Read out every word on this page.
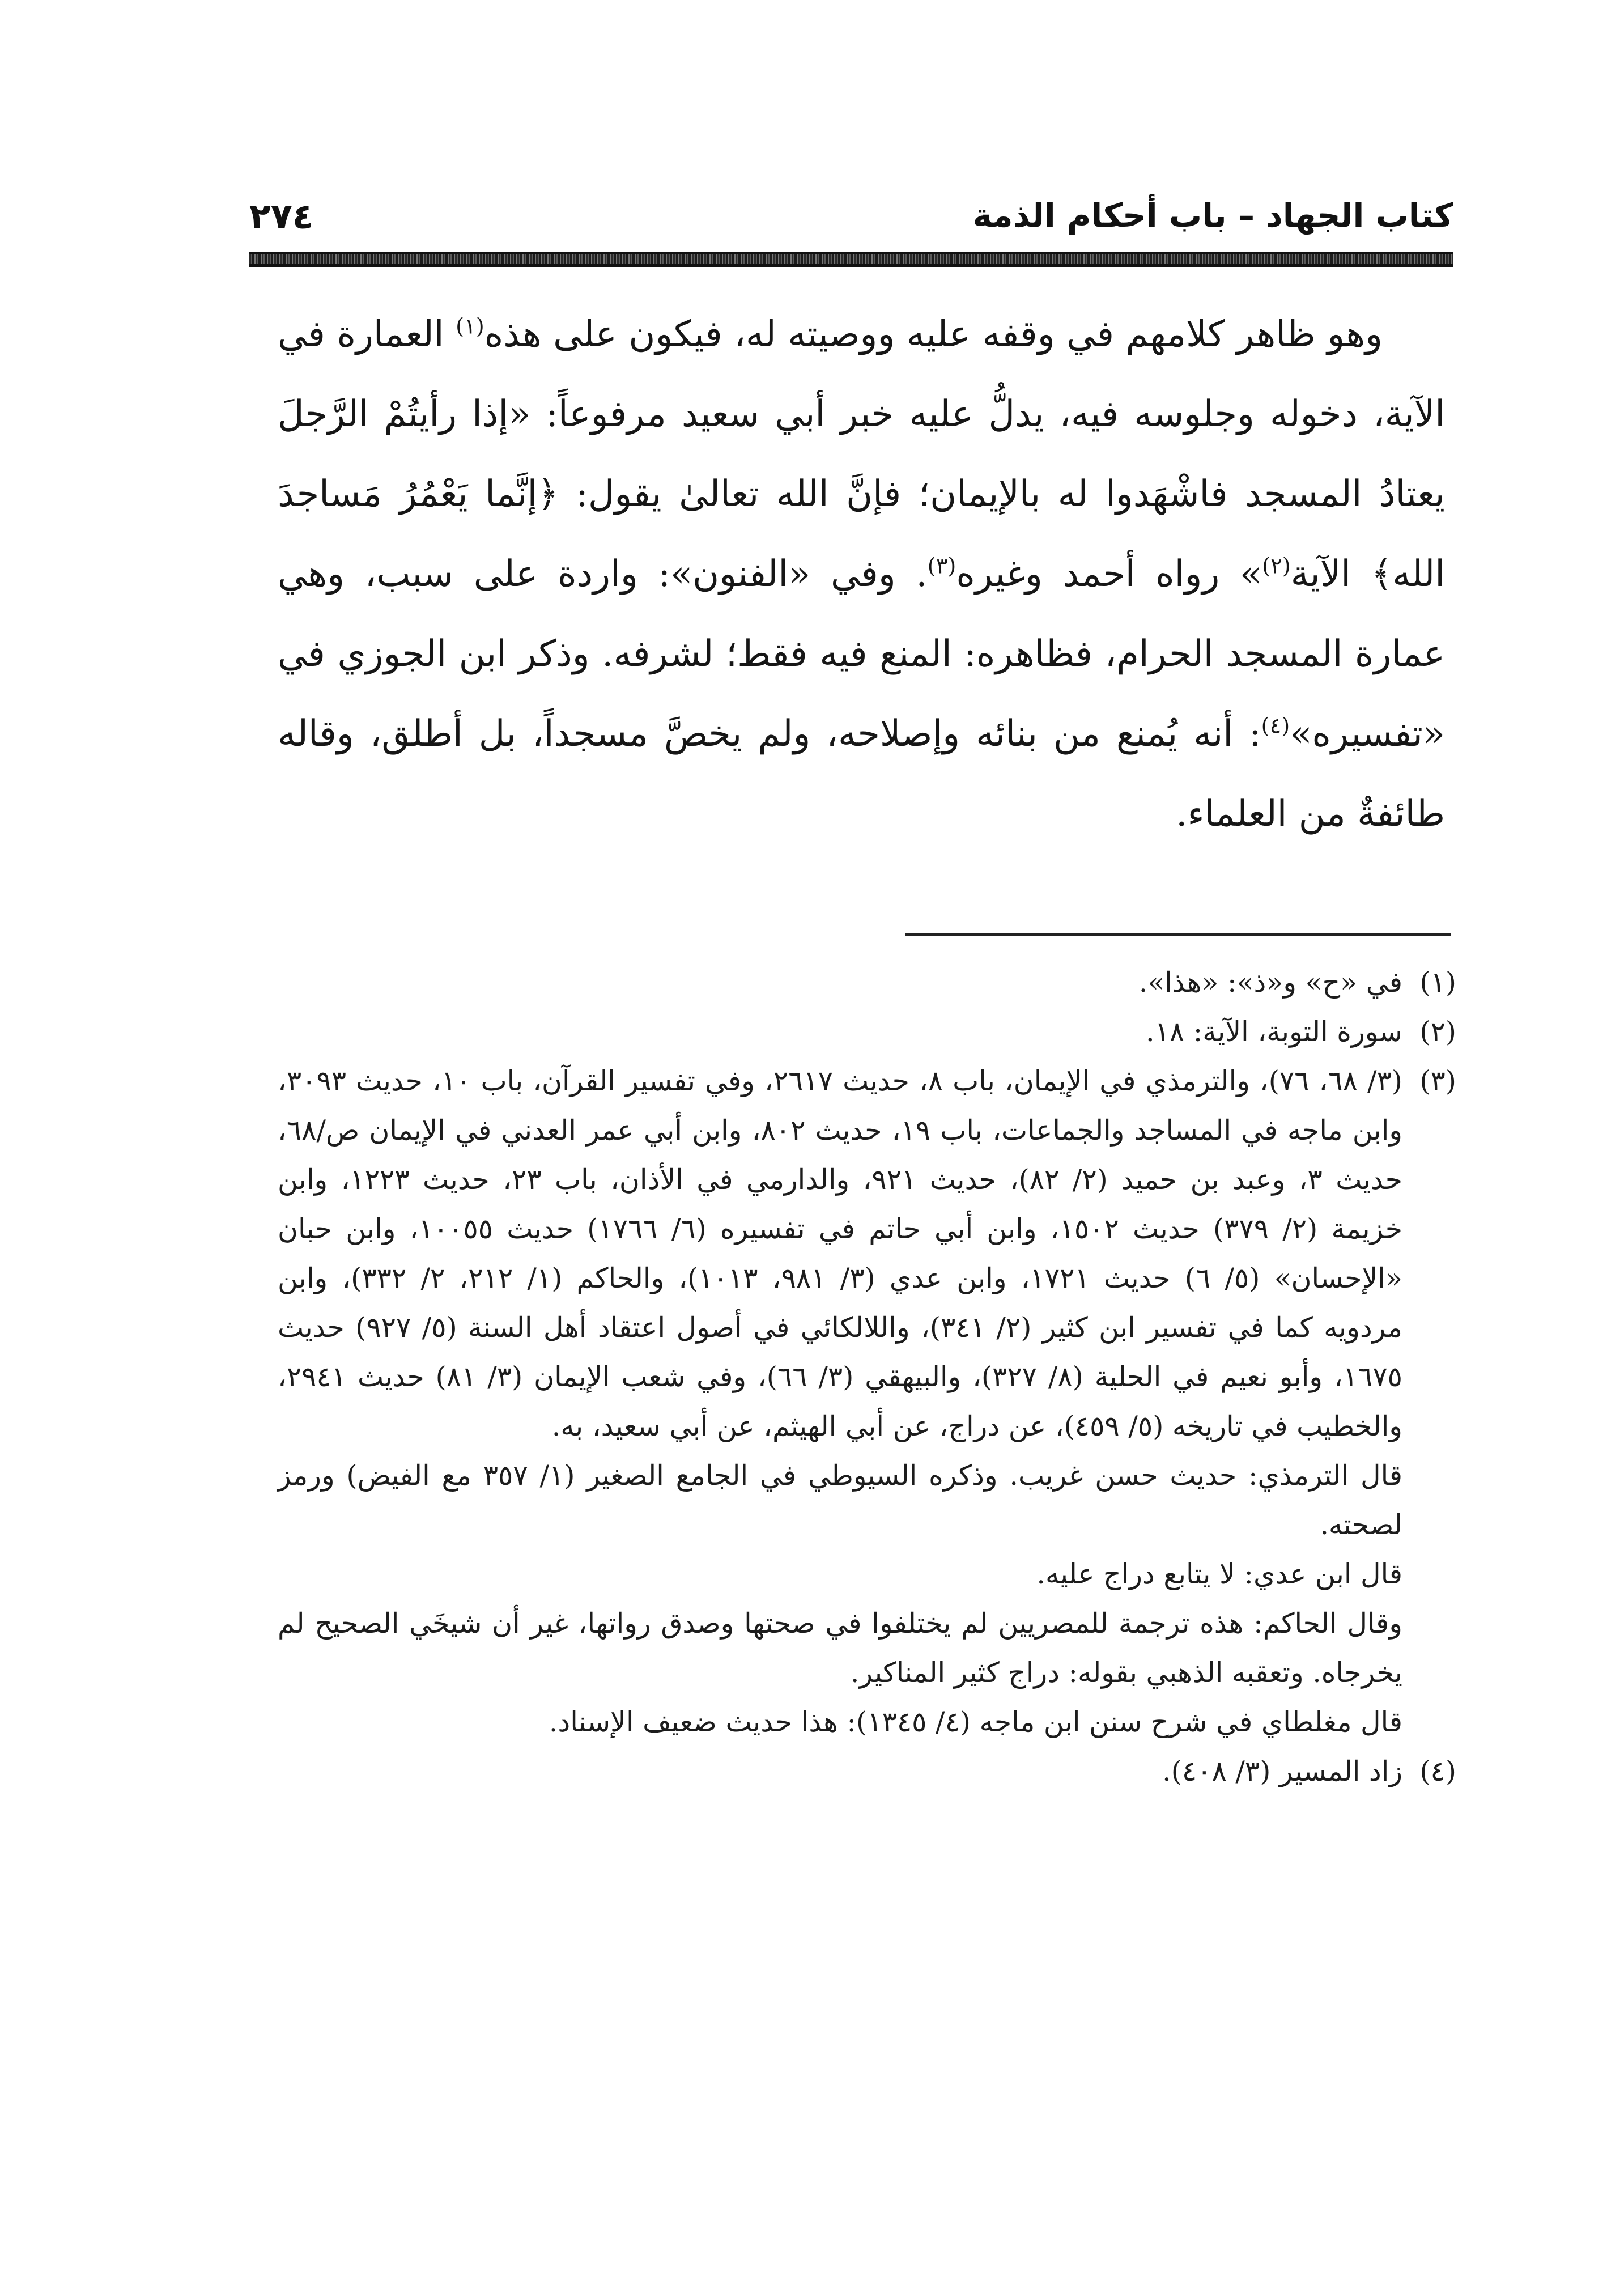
كتاب الجهاد – باب أحكام الذمة
٢٧٤

وهو ظاهر كلامهم في وقفه عليه ووصيته له، فيكون على هذه$^{(١)}$ العمارة في الآية، دخوله وجلوسه فيه، يدلُّ عليه خبر أبي سعيد مرفوعاً: «إذا رأيتُمْ الرَّجلَ يعتادُ المسجد فاشْهَدوا له بالإيمان؛ فإنَّ الله تعالىٰ يقول: ﴿إنَّما يَعْمُرُ مَساجدَ الله﴾ الآية$^{(٢)}$» رواه أحمد وغيره$^{(٣)}$. وفي «الفنون»: واردة على سبب، وهي عمارة المسجد الحرام، فظاهره: المنع فيه فقط؛ لشرفه. وذكر ابن الجوزي في «تفسيره»$^{(٤)}$: أنه يُمنع من بنائه وإصلاحه، ولم يخصَّ مسجداً، بل أطلق، وقاله طائفةٌ من العلماء.

(١)

في «ح» و«ذ»: «هذا».

(٢)

سورة التوبة، الآية: ١٨.

(٣)

(٣/ ٦٨، ٧٦)، والترمذي في الإيمان، باب ٨، حديث ٢٦١٧، وفي تفسير القرآن، باب ١٠، حديث ٣٠٩٣، وابن ماجه في المساجد والجماعات، باب ١٩، حديث ٨٠٢، وابن أبي عمر العدني في الإيمان ص/٦٨، حديث ٣، وعبد بن حميد (٢/ ٨٢)، حديث ٩٢١، والدارمي في الأذان، باب ٢٣، حديث ١٢٢٣، وابن خزيمة (٢/ ٣٧٩) حديث ١٥٠٢، وابن أبي حاتم في تفسيره (٦/ ١٧٦٦) حديث ١٠٠٥٥، وابن حبان «الإحسان» (٥/ ٦) حديث ١٧٢١، وابن عدي (٣/ ٩٨١، ١٠١٣)، والحاكم (١/ ٢١٢، ٢/ ٣٣٢)، وابن مردويه كما في تفسير ابن كثير (٢/ ٣٤١)، واللالكائي في أصول اعتقاد أهل السنة (٥/ ٩٢٧) حديث ١٦٧٥، وأبو نعيم في الحلية (٨/ ٣٢٧)، والبيهقي (٣/ ٦٦)، وفي شعب الإيمان (٣/ ٨١) حديث ٢٩٤١، والخطيب في تاريخه (٥/ ٤٥٩)، عن دراج، عن أبي الهيثم، عن أبي سعيد، به.

قال الترمذي: حديث حسن غريب. وذكره السيوطي في الجامع الصغير (١/ ٣٥٧ مع الفيض) ورمز لصحته.

قال ابن عدي: لا يتابع دراج عليه.

وقال الحاكم: هذه ترجمة للمصريين لم يختلفوا في صحتها وصدق رواتها، غير أن شيخَي الصحيح لم يخرجاه. وتعقبه الذهبي بقوله: دراج كثير المناكير.

قال مغلطاي في شرح سنن ابن ماجه (٤/ ١٣٤٥): هذا حديث ضعيف الإسناد.

(٤)

زاد المسير (٣/ ٤٠٨).
